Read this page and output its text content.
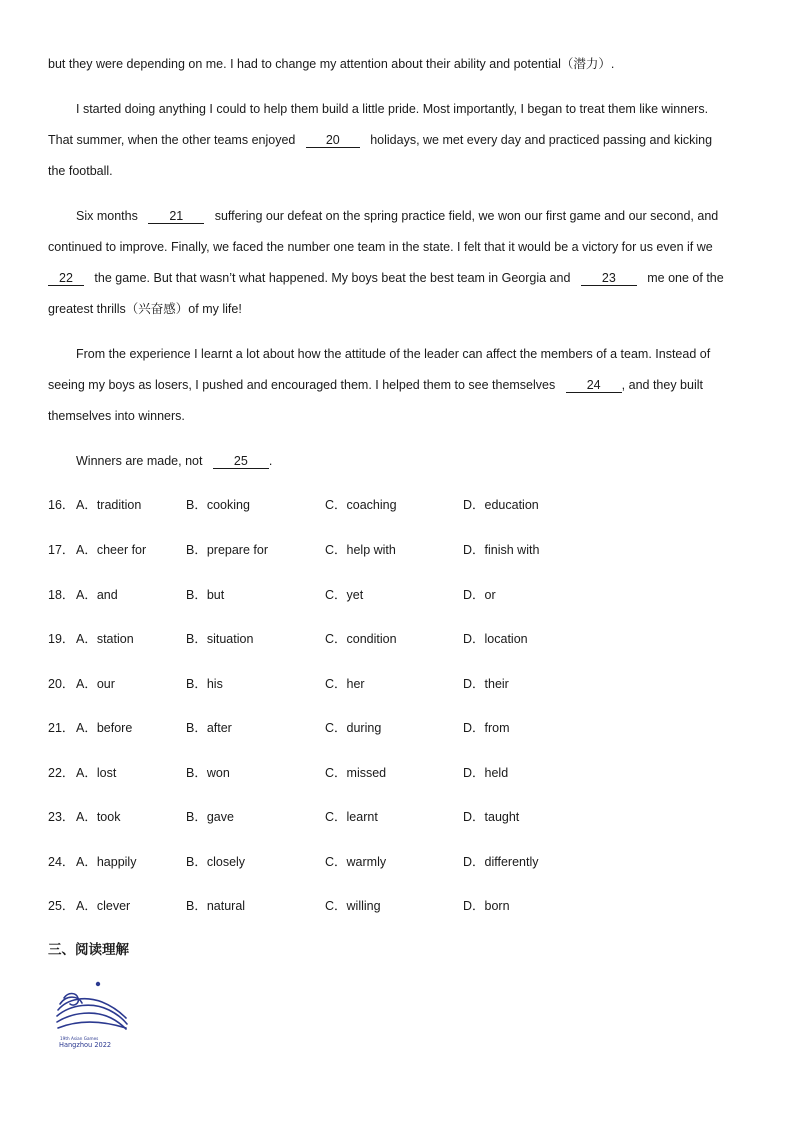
but they were depending on me. I had to change my attention about their ability and potential（潜力）.
I started doing anything I could to help them build a little pride. Most importantly, I began to treat them like winners.
That summer, when the other teams enjoyed 20 holidays, we met every day and practiced passing and kicking
the football.
Six months	21	suffering our defeat on the spring practice field, we won our first game and our second, and
continued to improve. Finally, we faced the number one team in the state. I felt that it would be a victory for us even if we
22 the game. But that wasn’t what happened. My boys beat the best team in Georgia and	23	me one of the
greatest thrills（兴奋感）of my life!
From the experience I learnt a lot about how the attitude of the leader can affect the members of a team. Instead of
seeing my boys as losers, I pushed and encouraged them. I helped them to see themselves	24 , and they built
themselves into winners.
Winners are made, not	25 .
16． A．tradition	B．cooking	C．coaching	D．education
17． A．cheer for	B．prepare for	C．help with	D．finish with
18． A．and	B．but	C．yet	D．or
19． A．station	B．situation	C．condition	D．location
20． A．our	B．his	C．her	D．their
21． A．before	B．after	C．during	D．from
22． A．lost	B．won	C．missed	D．held
23． A．took	B．gave	C．learnt	D．taught
24． A．happily	B．closely	C．warmly	D．differently
25． A．clever	B．natural	C．willing	D．born
三、阅读理解
19th Asian Games
Hangzhou 2022
